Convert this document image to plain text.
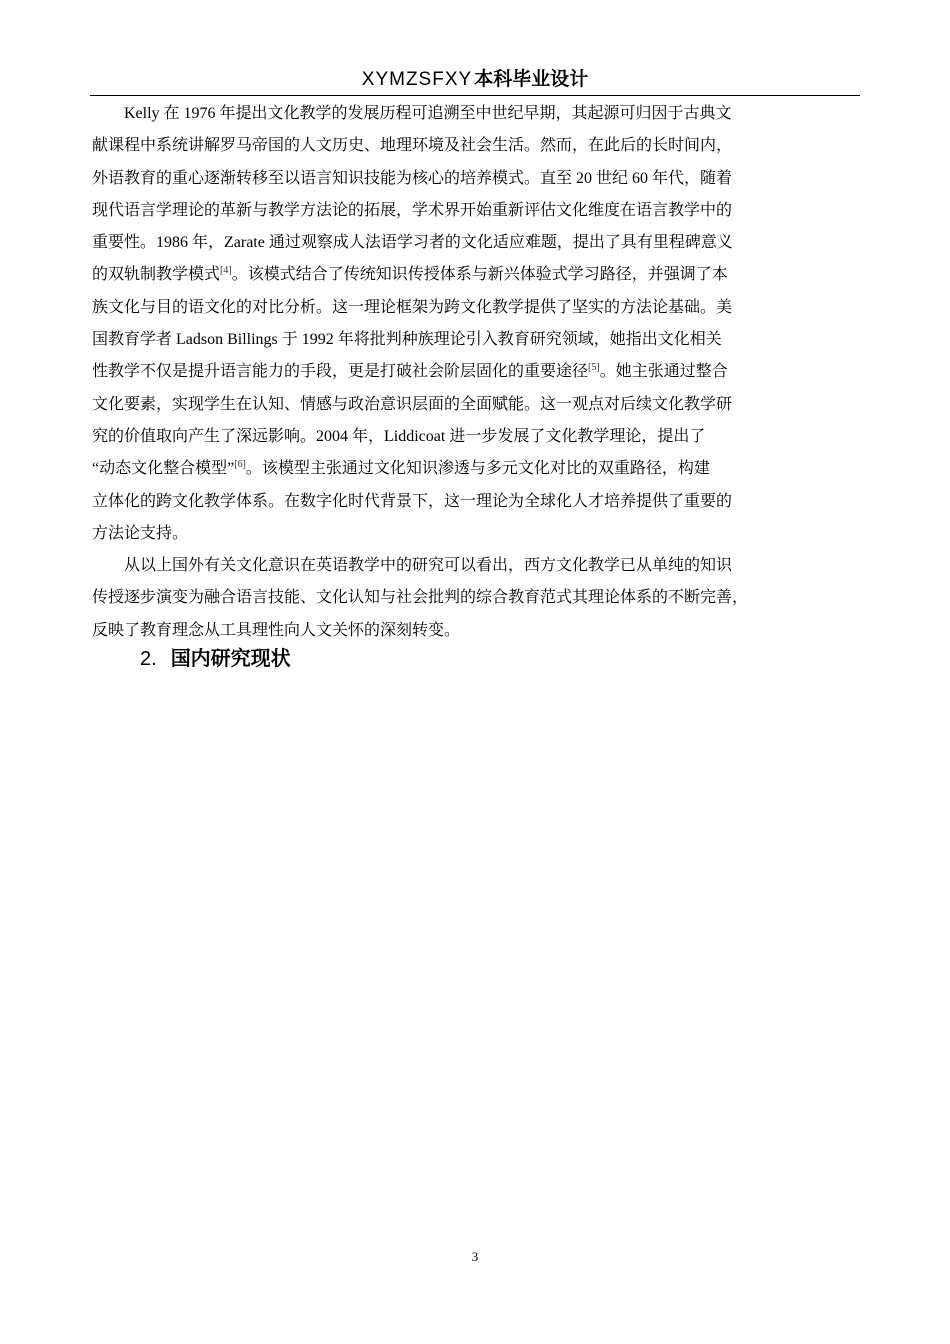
XYMZSFXY 本科毕业设计

Kelly 在 1976 年提出文化教学的发展历程可追溯至中世纪早期，其起源可归因于古典文
献课程中系统讲解罗马帝国的人文历史、地理环境及社会生活。然而，在此后的长时间内，
外语教育的重心逐渐转移至以语言知识技能为核心的培养模式。直至 20 世纪 60 年代，随着
现代语言学理论的革新与教学方法论的拓展，学术界开始重新评估文化维度在语言教学中的
重要性。1986 年，Zarate 通过观察成人法语学习者的文化适应难题，提出了具有里程碑意义
的双轨制教学模式[4]。该模式结合了传统知识传授体系与新兴体验式学习路径，并强调了本
族文化与目的语文化的对比分析。这一理论框架为跨文化教学提供了坚实的方法论基础。美
国教育学者 Ladson Billings 于 1992 年将批判种族理论引入教育研究领域，她指出文化相关
性教学不仅是提升语言能力的手段，更是打破社会阶层固化的重要途径[5]。她主张通过整合
文化要素，实现学生在认知、情感与政治意识层面的全面赋能。这一观点对后续文化教学研
究的价值取向产生了深远影响。2004 年，Liddicoat 进一步发展了文化教学理论，提出了
“动态文化整合模型”[6]。该模型主张通过文化知识渗透与多元文化对比的双重路径，构建
立体化的跨文化教学体系。在数字化时代背景下，这一理论为全球化人才培养提供了重要的
方法论支持。

从以上国外有关文化意识在英语教学中的研究可以看出，西方文化教学已从单纯的知识
传授逐步演变为融合语言技能、文化认知与社会批判的综合教育范式其理论体系的不断完善，
反映了教育理念从工具理性向人文关怀的深刻转变。

2. 国内研究现状
3
